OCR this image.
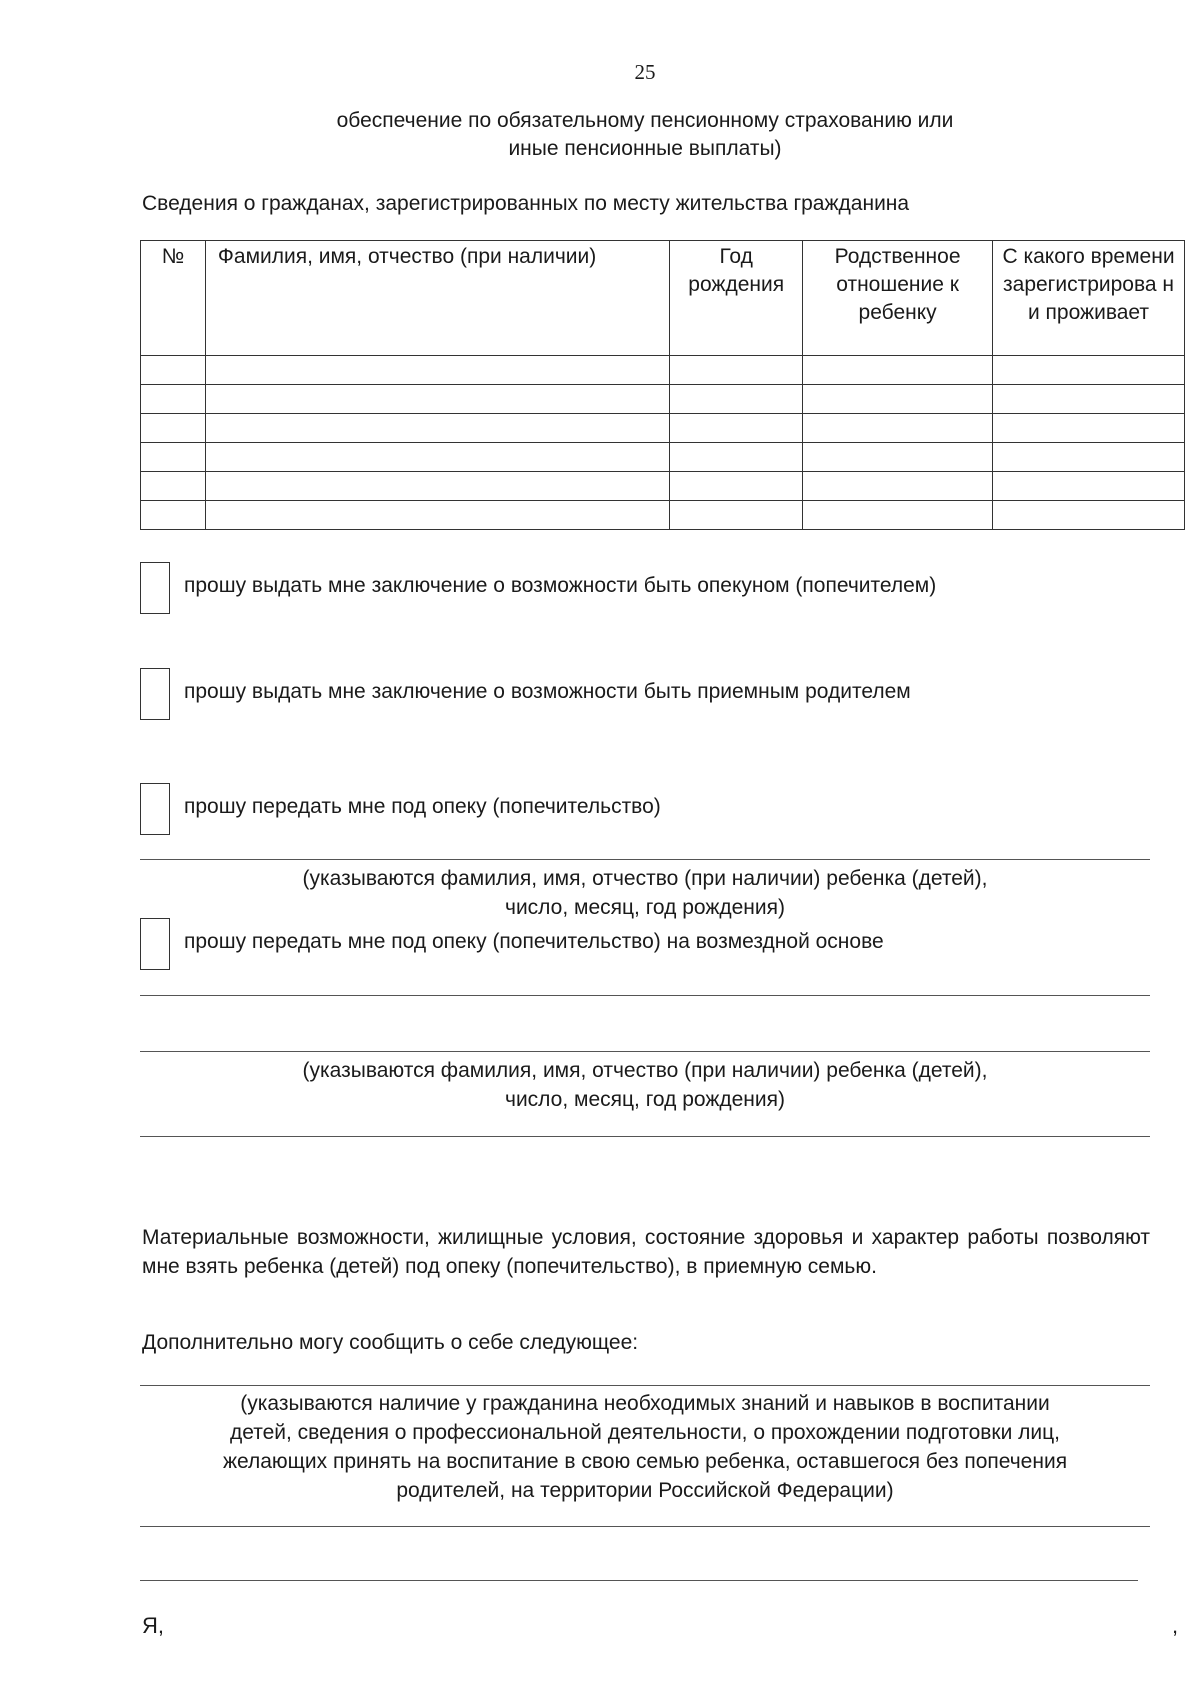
25
обеспечение по обязательному пенсионному страхованию или
иные пенсионные выплаты)
Сведения о гражданах, зарегистрированных по месту жительства гражданина
№	Фамилия, имя, отчество (при наличии)	Год рождения	Родственное отношение к ребенку	С какого времени зарегистрирова н и проживает

прошу выдать мне заключение о возможности быть опекуном (попечителем)
прошу выдать мне заключение о возможности быть приемным родителем
прошу передать мне под опеку (попечительство)
(указываются фамилия, имя, отчество (при наличии) ребенка (детей),
число, месяц, год рождения)
прошу передать мне под опеку (попечительство) на возмездной основе
(указываются фамилия, имя, отчество (при наличии) ребенка (детей),
число, месяц, год рождения)
Материальные возможности, жилищные условия, состояние здоровья и характер работы позволяют мне взять ребенка (детей) под опеку (попечительство), в приемную семью.
Дополнительно могу сообщить о себе следующее:
(указываются наличие у гражданина необходимых знаний и навыков в воспитании
детей, сведения о профессиональной деятельности, о прохождении подготовки лиц,
желающих принять на воспитание в свою семью ребенка, оставшегося без попечения
родителей, на территории Российской Федерации)
Я,	,
